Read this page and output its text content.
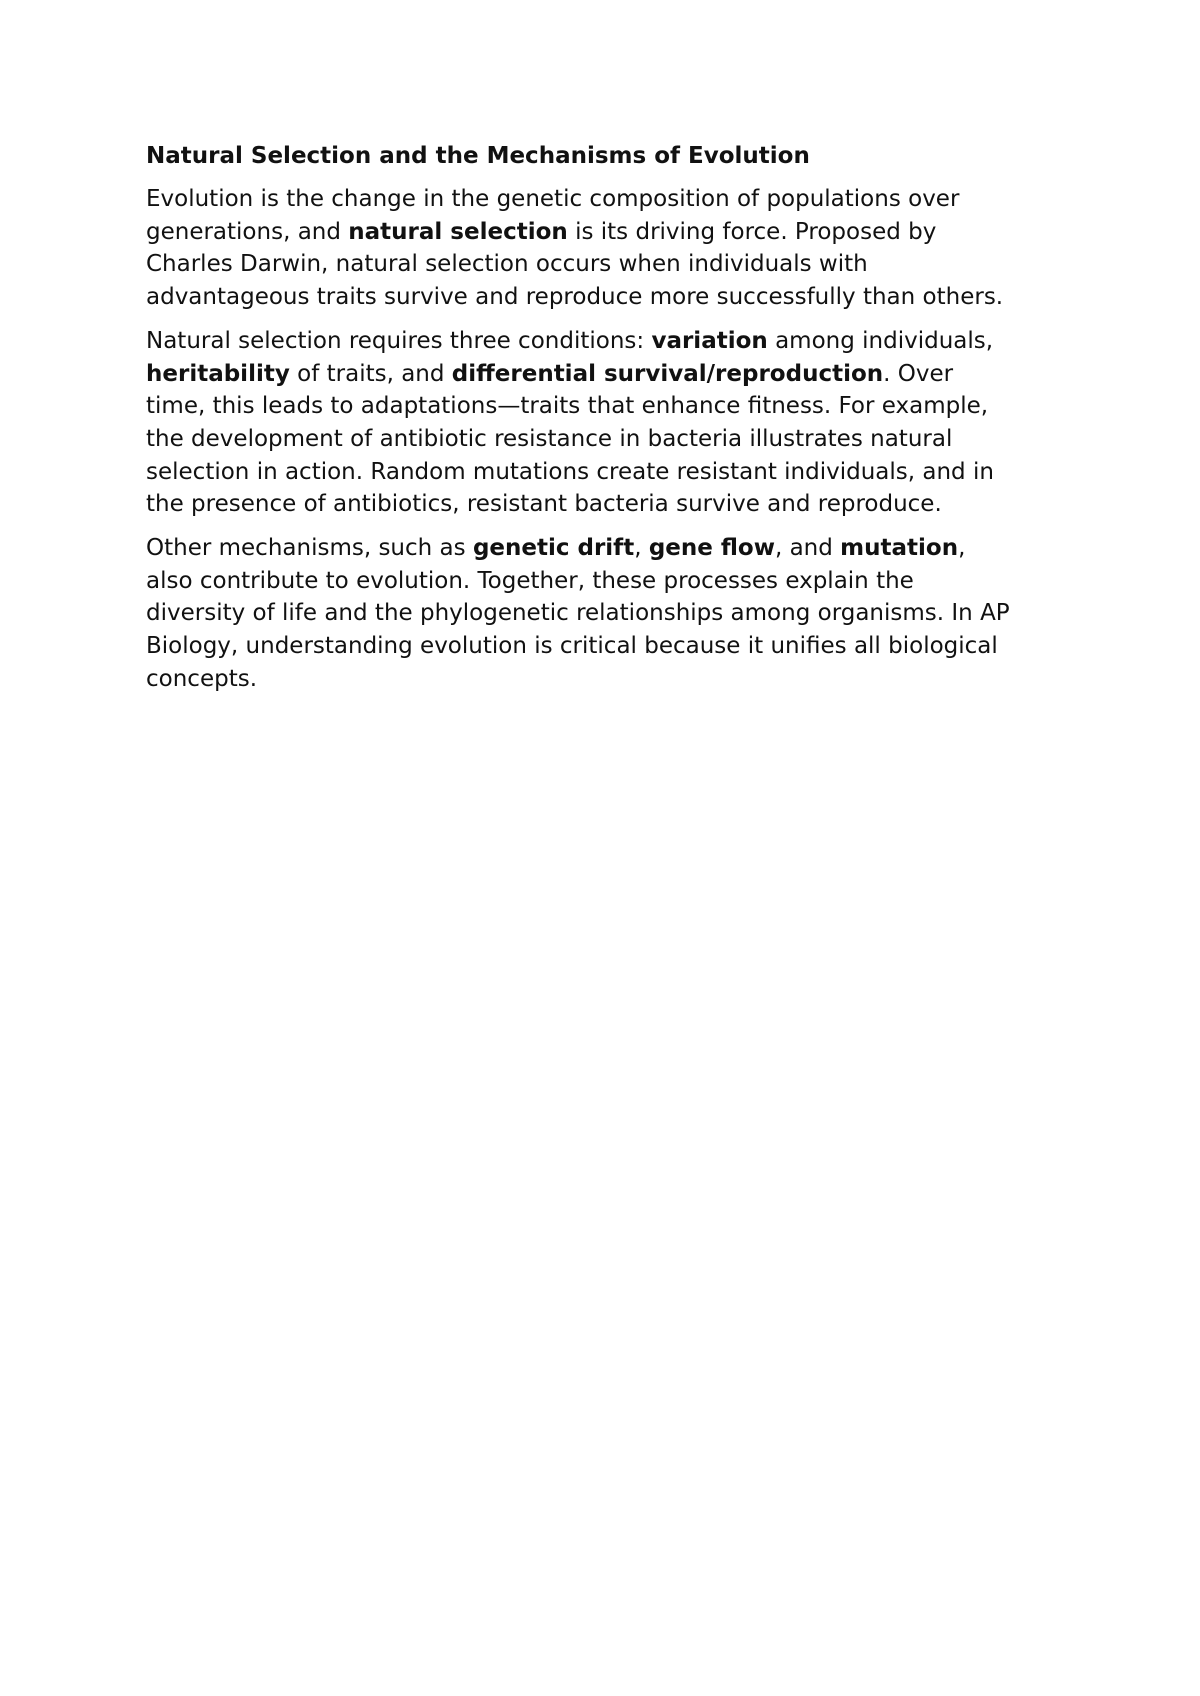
Natural Selection and the Mechanisms of Evolution
Evolution is the change in the genetic composition of populations over
generations, and natural selection is its driving force. Proposed by
Charles Darwin, natural selection occurs when individuals with
advantageous traits survive and reproduce more successfully than others.
Natural selection requires three conditions: variation among individuals,
heritability of traits, and differential survival/reproduction. Over
time, this leads to adaptations—traits that enhance fitness. For example,
the development of antibiotic resistance in bacteria illustrates natural
selection in action. Random mutations create resistant individuals, and in
the presence of antibiotics, resistant bacteria survive and reproduce.
Other mechanisms, such as genetic drift, gene flow, and mutation,
also contribute to evolution. Together, these processes explain the
diversity of life and the phylogenetic relationships among organisms. In AP
Biology, understanding evolution is critical because it unifies all biological
concepts.
